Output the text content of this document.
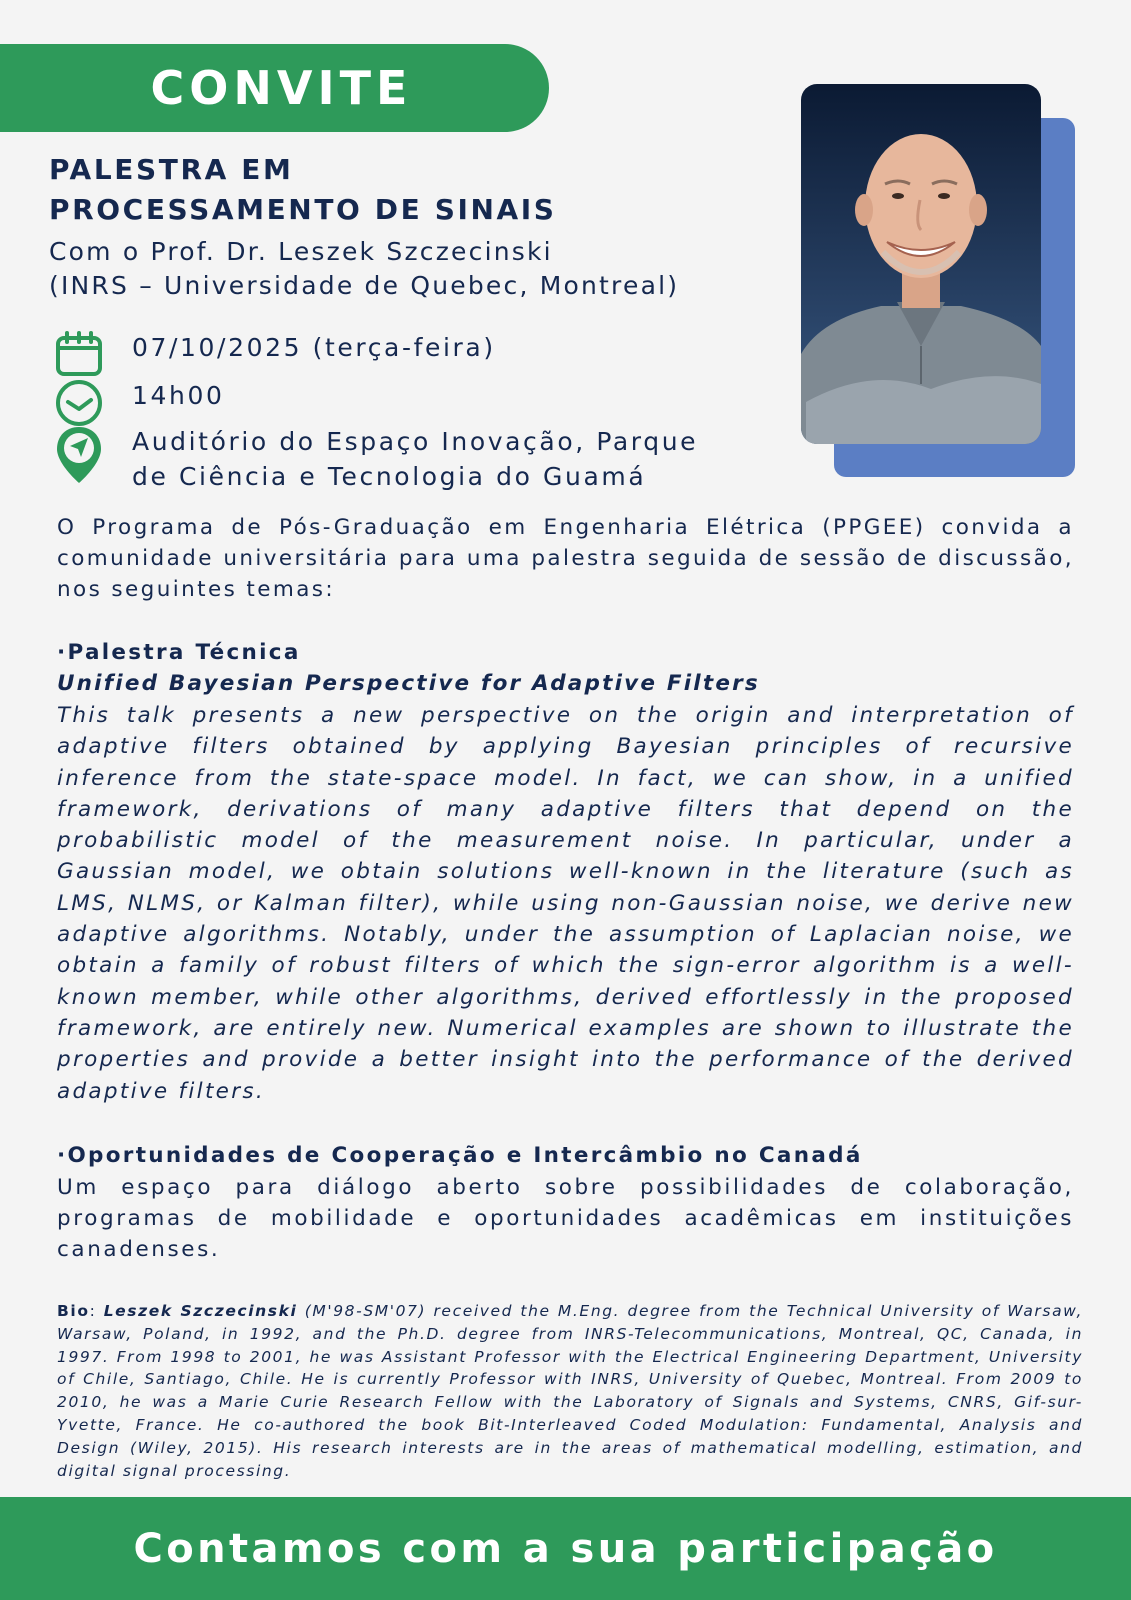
CONVITE
PALESTRA EM
PROCESSAMENTO DE SINAIS

Com o Prof. Dr. Leszek Szczecinski
(INRS – Universidade de Quebec, Montreal)

07/10/2025 (terça-feira)
14h00
Auditório do Espaço Inovação, Parque
de Ciência e Tecnologia do Guamá

O Programa de Pós-Graduação em Engenharia Elétrica (PPGEE) convida a comunidade universitária para uma palestra seguida de sessão de discussão, nos seguintes temas:

·Palestra Técnica

Unified Bayesian Perspective for Adaptive Filters

This talk presents a new perspective on the origin and interpretation of adaptive filters obtained by applying Bayesian principles of recursive inference from the state-space model. In fact, we can show, in a unified framework, derivations of many adaptive filters that depend on the probabilistic model of the measurement noise. In particular, under a Gaussian model, we obtain solutions well-known in the literature (such as LMS, NLMS, or Kalman filter), while using non-Gaussian noise, we derive new adaptive algorithms. Notably, under the assumption of Laplacian noise, we obtain a family of robust filters of which the sign-error algorithm is a well-known member, while other algorithms, derived effortlessly in the proposed framework, are entirely new. Numerical examples are shown to illustrate the properties and provide a better insight into the performance of the derived adaptive filters.

·Oportunidades de Cooperação e Intercâmbio no Canadá

Um espaço para diálogo aberto sobre possibilidades de colaboração, programas de mobilidade e oportunidades acadêmicas em instituições canadenses.

Bio: Leszek Szczecinski (M'98-SM'07) received the M.Eng. degree from the Technical University of Warsaw, Warsaw, Poland, in 1992, and the Ph.D. degree from INRS-Telecommunications, Montreal, QC, Canada, in 1997. From 1998 to 2001, he was Assistant Professor with the Electrical Engineering Department, University of Chile, Santiago, Chile. He is currently Professor with INRS, University of Quebec, Montreal. From 2009 to 2010, he was a Marie Curie Research Fellow with the Laboratory of Signals and Systems, CNRS, Gif-sur-Yvette, France. He co-authored the book Bit-Interleaved Coded Modulation: Fundamental, Analysis and Design (Wiley, 2015). His research interests are in the areas of mathematical modelling, estimation, and digital signal processing.

Contamos com a sua participação
